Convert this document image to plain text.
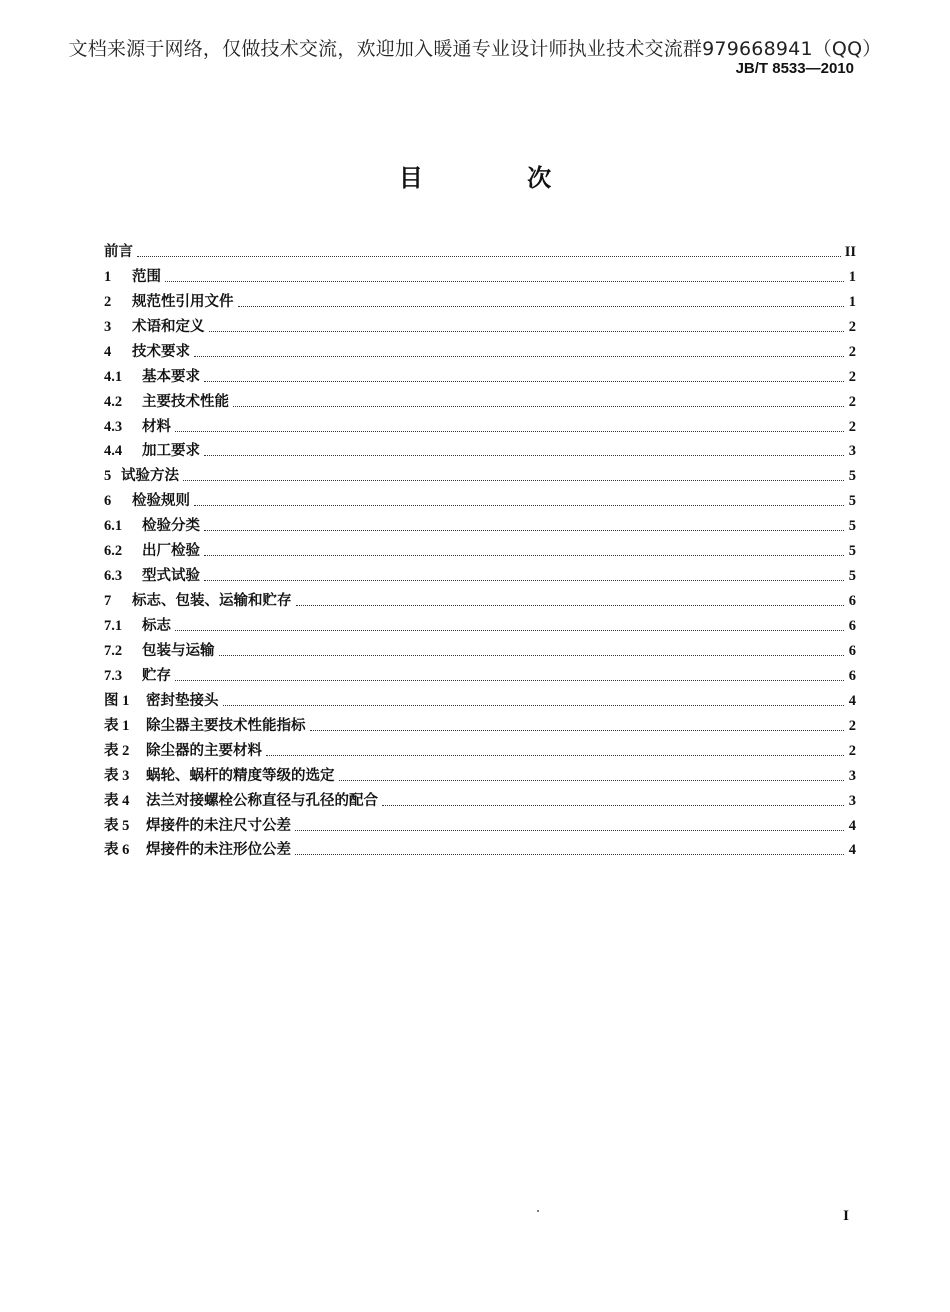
文档来源于网络，仅做技术交流，欢迎加入暖通专业设计师执业技术交流群979668941（QQ）
JB/T 8533—2010
目 次
前言	II
1	范围	1
2	规范性引用文件	1
3	术语和定义	2
4	技术要求	2
4.1	基本要求	2
4.2	主要技术性能	2
4.3	材料	2
4.4	加工要求	3
5 试验方法	5
6	检验规则	5
6.1	检验分类	5
6.2	出厂检验	5
6.3	型式试验	5
7	标志、包装、运输和贮存	6
7.1	标志	6
7.2	包装与运输	6
7.3	贮存	6
图 1	密封垫接头	4
表 1	除尘器主要技术性能指标	2
表 2	除尘器的主要材料	2
表 3	蜗轮、蜗杆的精度等级的选定	3
表 4	法兰对接螺栓公称直径与孔径的配合	3
表 5	焊接件的未注尺寸公差	4
表 6	焊接件的未注形位公差	4
I
